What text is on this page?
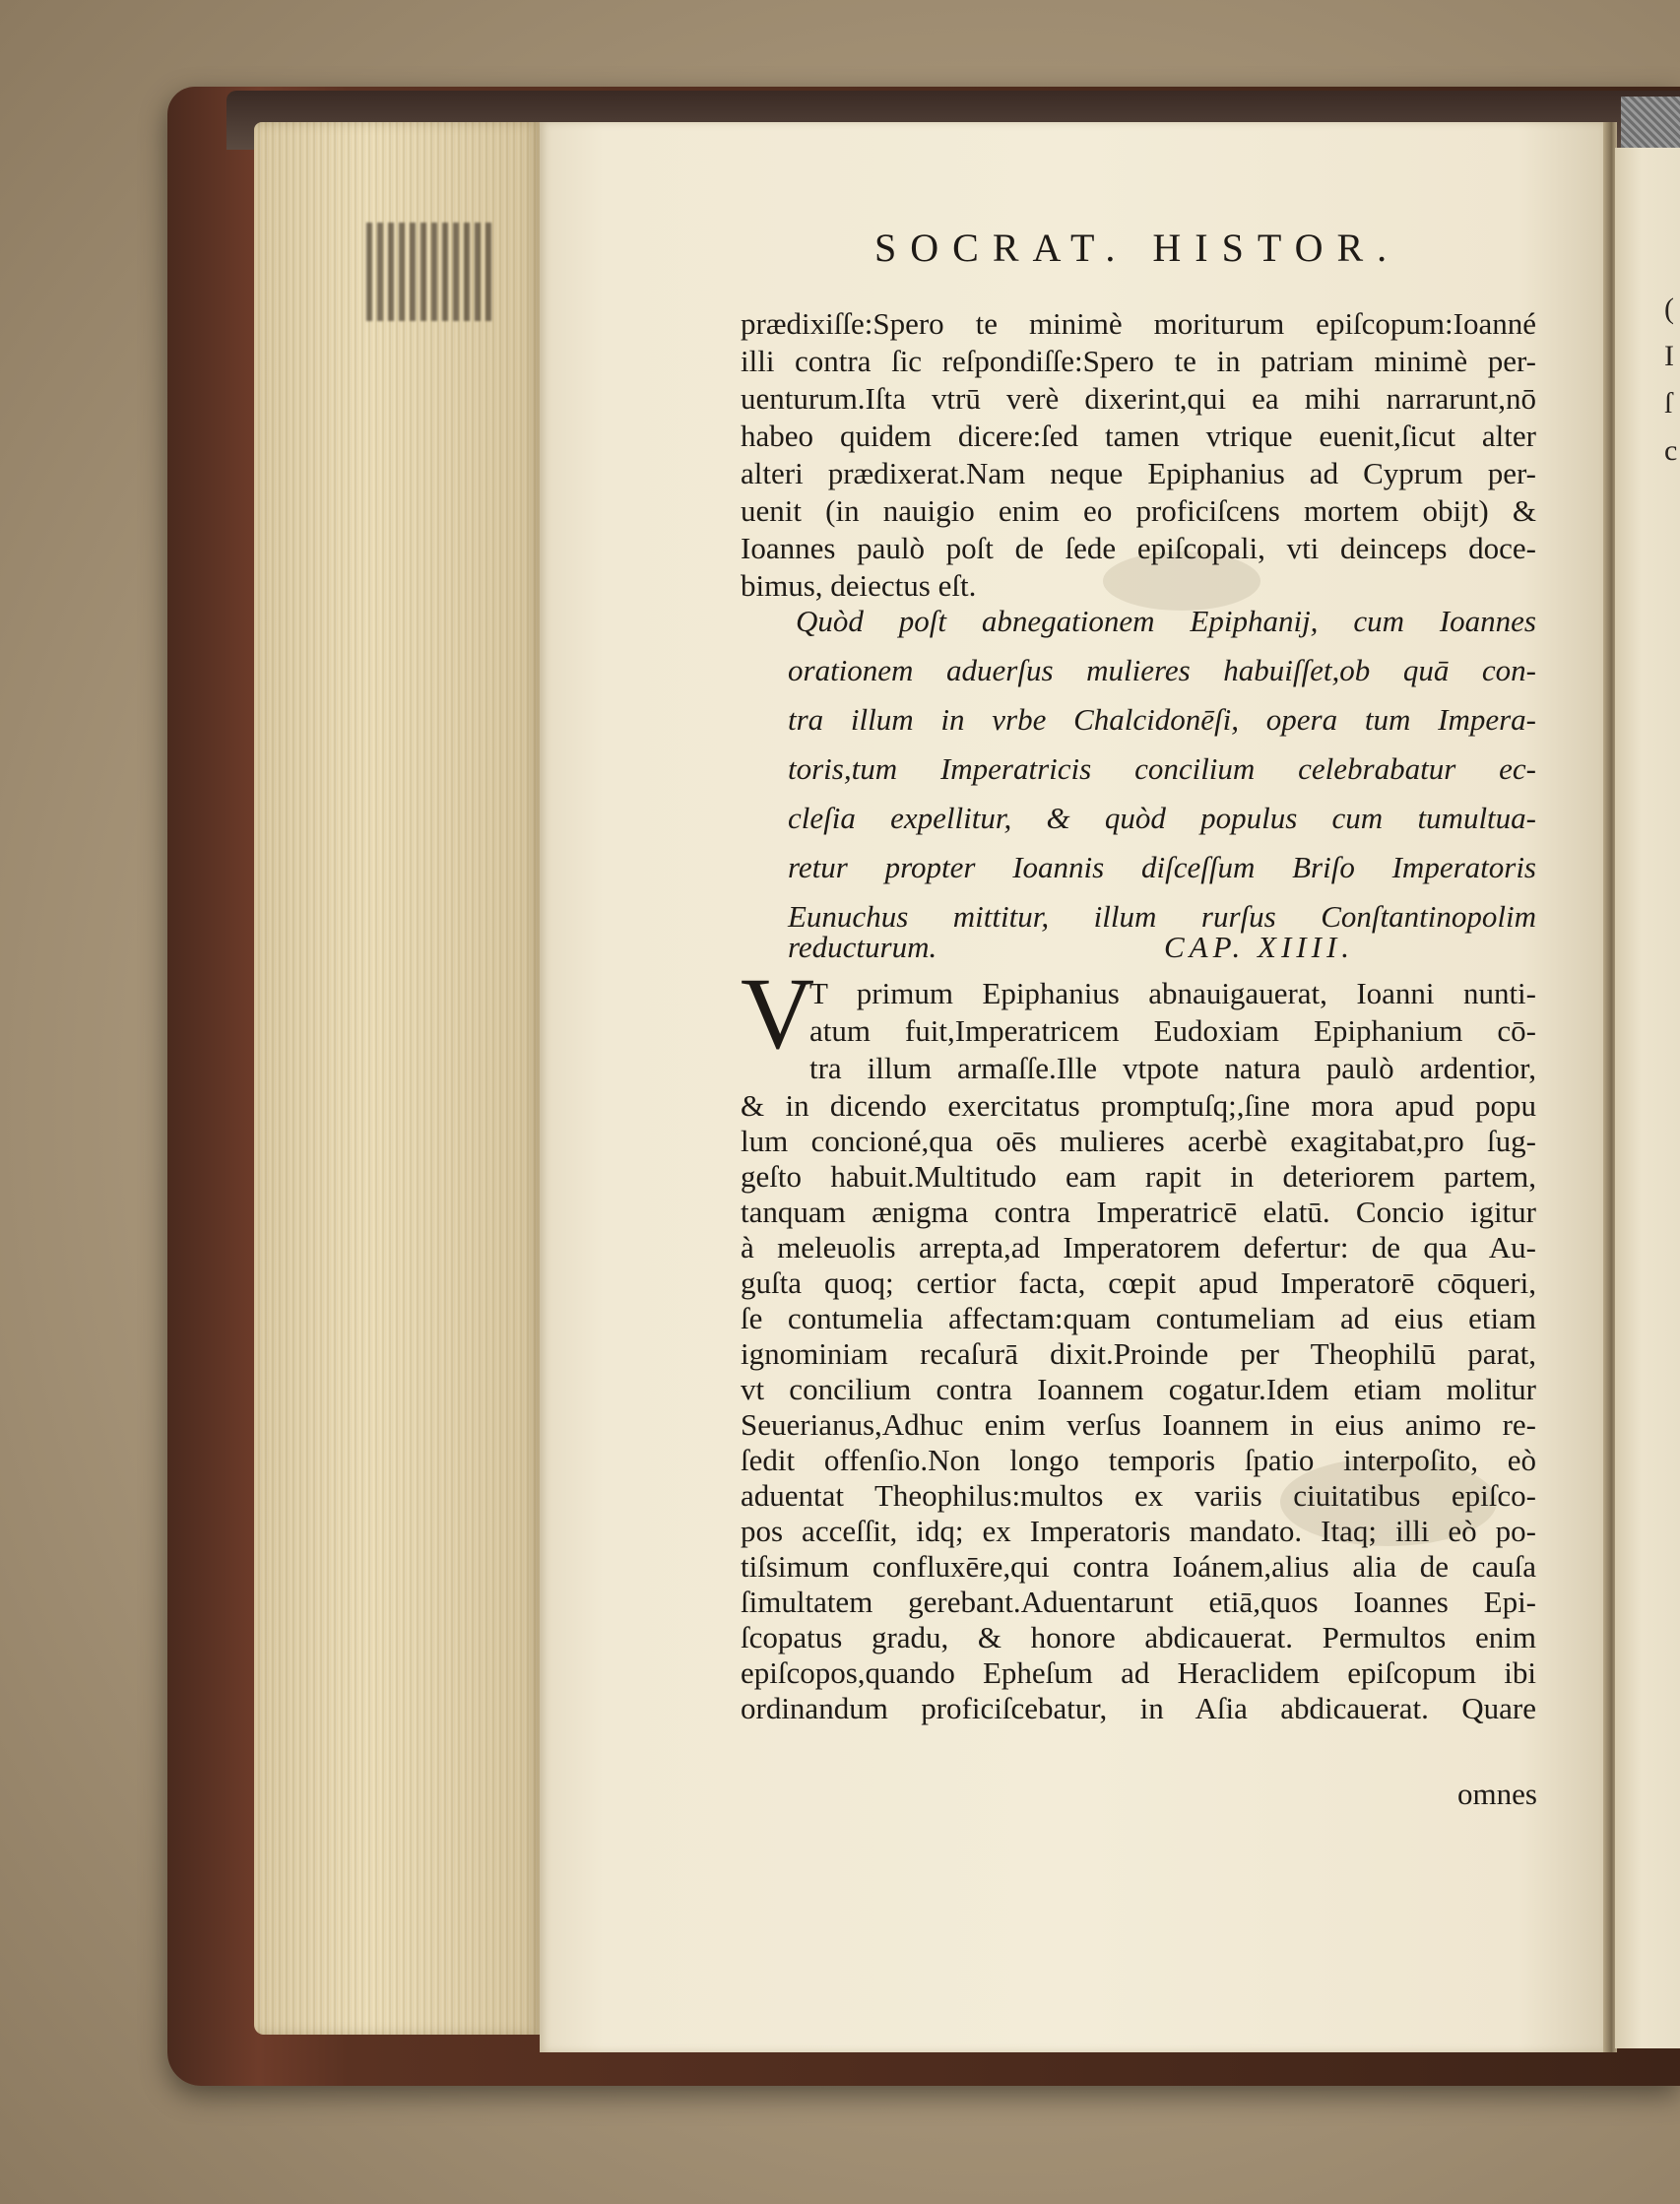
(
I
ſ
c
SOCRAT. HISTOR.
prædixiſſe:Spero te minimè moriturum epiſcopum:Ioanné
illi contra ſic reſpondiſſe:Spero te in patriam minimè per-
uenturum.Iſta vtrū verè dixerint,qui ea mihi narrarunt,nō
habeo quidem dicere:ſed tamen vtrique euenit,ſicut alter
alteri prædixerat.Nam neque Epiphanius ad Cyprum per-
uenit (in nauigio enim eo proficiſcens mortem obijt) &
Ioannes paulò poſt de ſede epiſcopali, vti deinceps doce-
bimus, deiectus eſt.
Quòd poſt abnegationem Epiphanij, cum Ioannes
orationem aduerſus mulieres habuiſſet,ob quā con-
tra illum in vrbe Chalcidonēſi, opera tum Impera-
toris,tum Imperatricis concilium celebrabatur ec-
cleſia expellitur, & quòd populus cum tumultua-
retur propter Ioannis diſceſſum Briſo Imperatoris
Eunuchus mittitur, illum rurſus Conſtantinopolim
reducturum.	CAP. XIIII.
V
T primum Epiphanius abnauigauerat, Ioanni nunti-
atum fuit,Imperatricem Eudoxiam Epiphanium cō-
tra illum armaſſe.Ille vtpote natura paulò ardentior,
& in dicendo exercitatus promptuſq;,ſine mora apud popu
lum concioné,qua oēs mulieres acerbè exagitabat,pro ſug-
geſto habuit.Multitudo eam rapit in deteriorem partem,
tanquam ænigma contra Imperatricē elatū. Concio igitur
à meleuolis arrepta,ad Imperatorem defertur: de qua Au-
guſta quoq; certior facta, cœpit apud Imperatorē cōqueri,
ſe contumelia affectam:quam contumeliam ad eius etiam
ignominiam recaſurā dixit.Proinde per Theophilū parat,
vt concilium contra Ioannem cogatur.Idem etiam molitur
Seuerianus,Adhuc enim verſus Ioannem in eius animo re-
ſedit offenſio.Non longo temporis ſpatio interpoſito, eò
aduentat Theophilus:multos ex variis ciuitatibus epiſco-
pos acceſſit, idq; ex Imperatoris mandato. Itaq; illi eò po-
tiſsimum confluxēre,qui contra Ioánem,alius alia de cauſa
ſimultatem gerebant.Aduentarunt etiā,quos Ioannes Epi-
ſcopatus gradu, & honore abdicauerat. Permultos enim
epiſcopos,quando Epheſum ad Heraclidem epiſcopum ibi
ordinandum proficiſcebatur, in Aſia abdicauerat. Quare
omnes
